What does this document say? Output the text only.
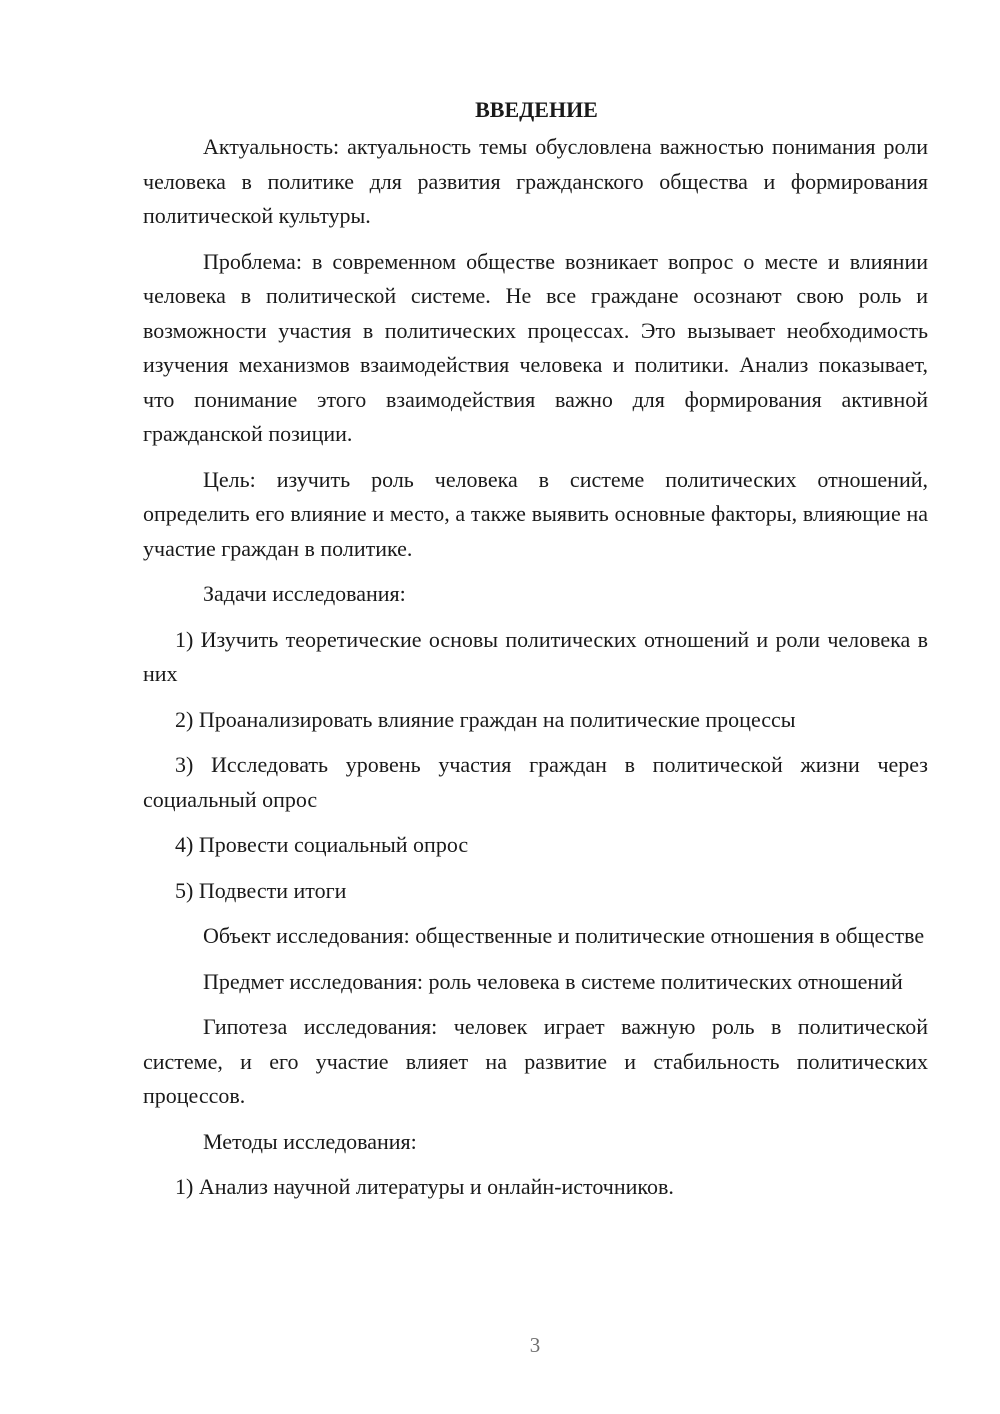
ВВЕДЕНИЕ

Актуальность: актуальность темы обусловлена важностью понимания роли человека в политике для развития гражданского общества и формирования политической культуры.

Проблема: в современном обществе возникает вопрос о месте и влиянии человека в политической системе. Не все граждане осознают свою роль и возможности участия в политических процессах. Это вызывает необходимость изучения механизмов взаимодействия человека и политики. Анализ показывает, что понимание этого взаимодействия важно для формирования активной гражданской позиции.

Цель: изучить роль человека в системе политических отношений, определить его влияние и место, а также выявить основные факторы, влияющие на участие граждан в политике.

Задачи исследования:

1) Изучить теоретические основы политических отношений и роли человека в них

2) Проанализировать влияние граждан на политические процессы

3) Исследовать уровень участия граждан в политической жизни через социальный опрос

4) Провести социальный опрос

5) Подвести итоги

Объект исследования: общественные и политические отношения в обществе

Предмет исследования: роль человека в системе политических отношений

Гипотеза исследования: человек играет важную роль в политической системе, и его участие влияет на развитие и стабильность политических процессов.

Методы исследования:

1) Анализ научной литературы и онлайн-источников.

3
